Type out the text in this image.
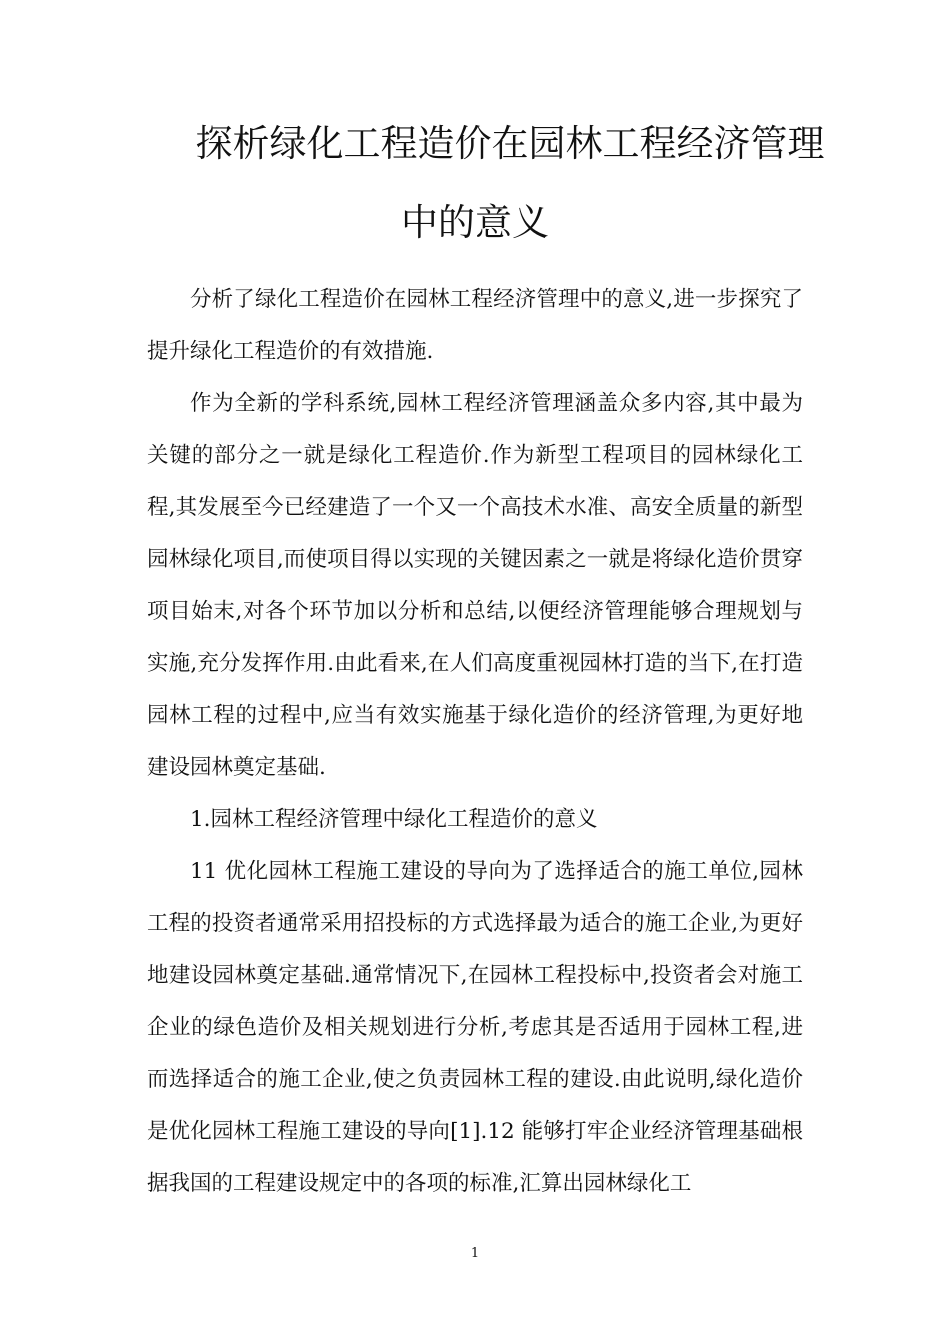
探析绿化工程造价在园林工程经济管理
中的意义

分析了绿化工程造价在园林工程经济管理中的意义,进一步探究了提升绿化工程造价的有效措施.

作为全新的学科系统,园林工程经济管理涵盖众多内容,其中最为关键的部分之一就是绿化工程造价.作为新型工程项目的园林绿化工程,其发展至今已经建造了一个又一个高技术水准、高安全质量的新型园林绿化项目,而使项目得以实现的关键因素之一就是将绿化造价贯穿项目始末,对各个环节加以分析和总结,以便经济管理能够合理规划与实施,充分发挥作用.由此看来,在人们高度重视园林打造的当下,在打造园林工程的过程中,应当有效实施基于绿化造价的经济管理,为更好地建设园林奠定基础.

1.园林工程经济管理中绿化工程造价的意义

11 优化园林工程施工建设的导向为了选择适合的施工单位,园林工程的投资者通常采用招投标的方式选择最为适合的施工企业,为更好地建设园林奠定基础.通常情况下,在园林工程投标中,投资者会对施工企业的绿色造价及相关规划进行分析,考虑其是否适用于园林工程,进而选择适合的施工企业,使之负责园林工程的建设.由此说明,绿化造价是优化园林工程施工建设的导向[1].12 能够打牢企业经济管理基础根据我国的工程建设规定中的各项的标准,汇算出园林绿化工

1
